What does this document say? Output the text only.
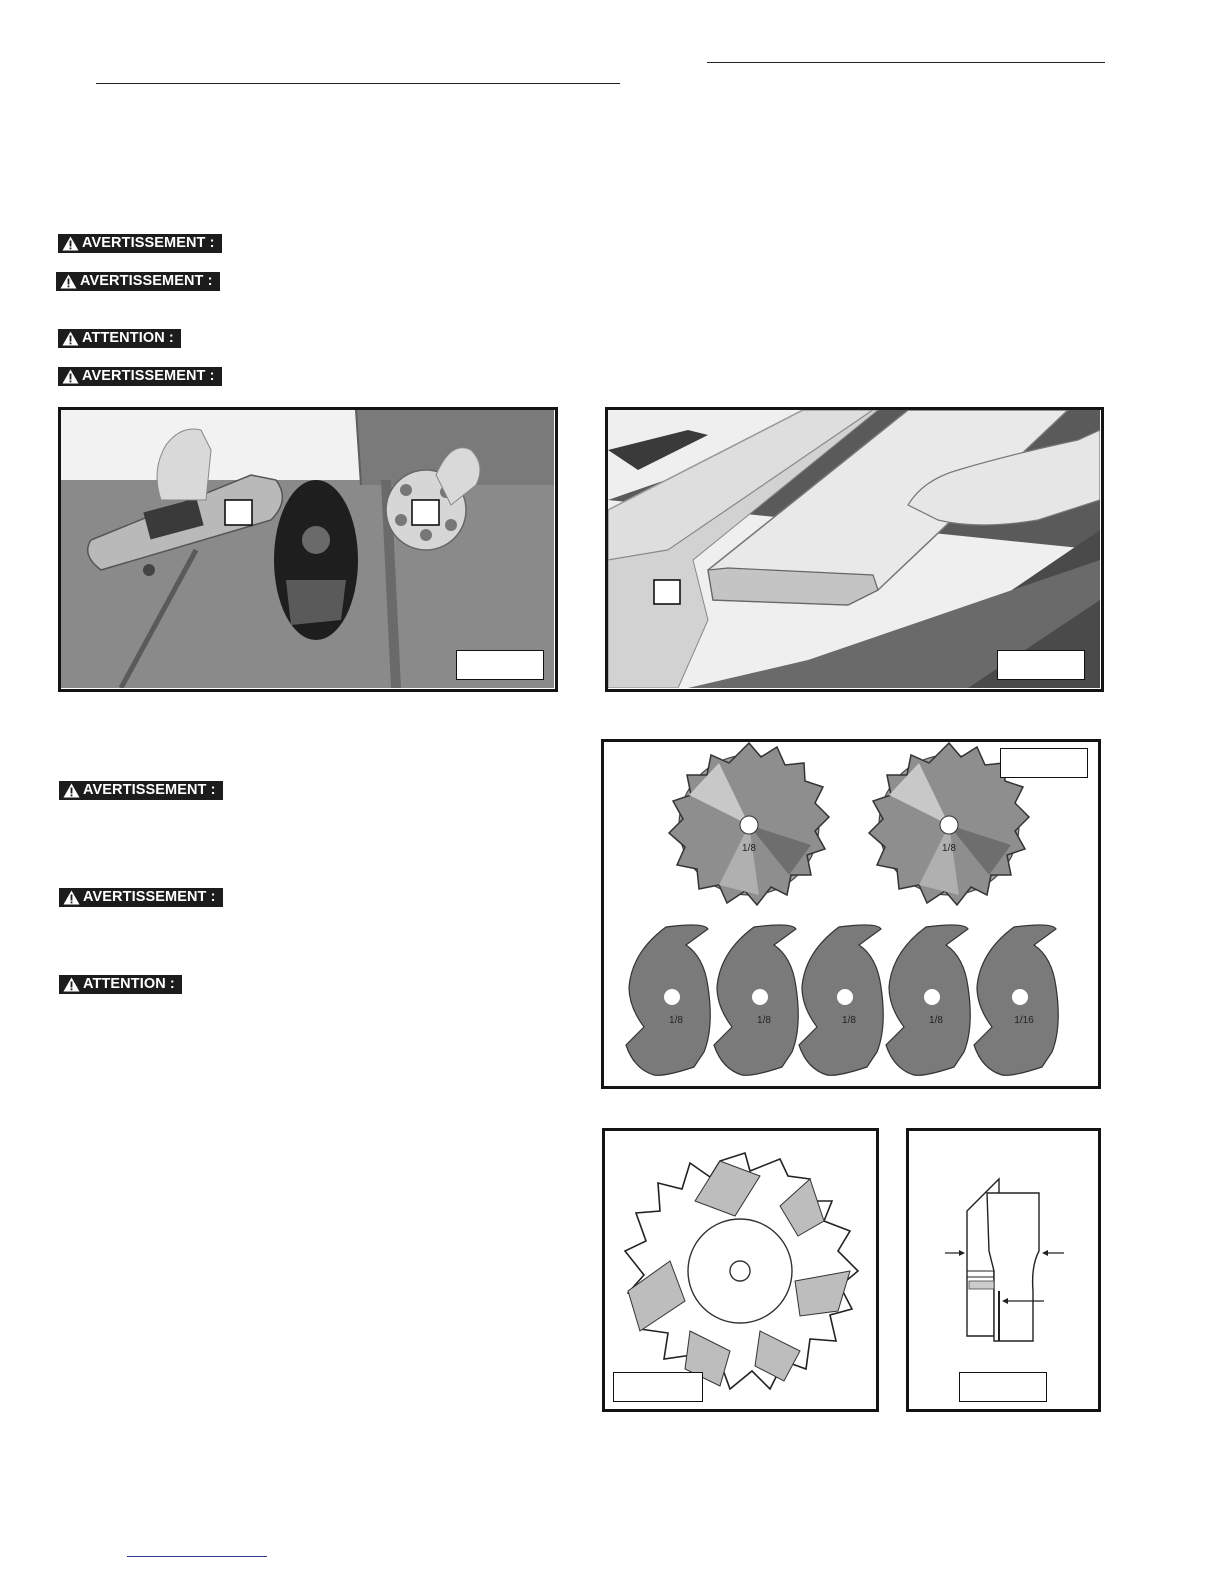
AVERTISSEMENT :
AVERTISSEMENT :
ATTENTION :
AVERTISSEMENT :
AVERTISSEMENT :
AVERTISSEMENT :
ATTENTION :
1/8	1/8
1/8	1/8	1/8	1/8	1/16
